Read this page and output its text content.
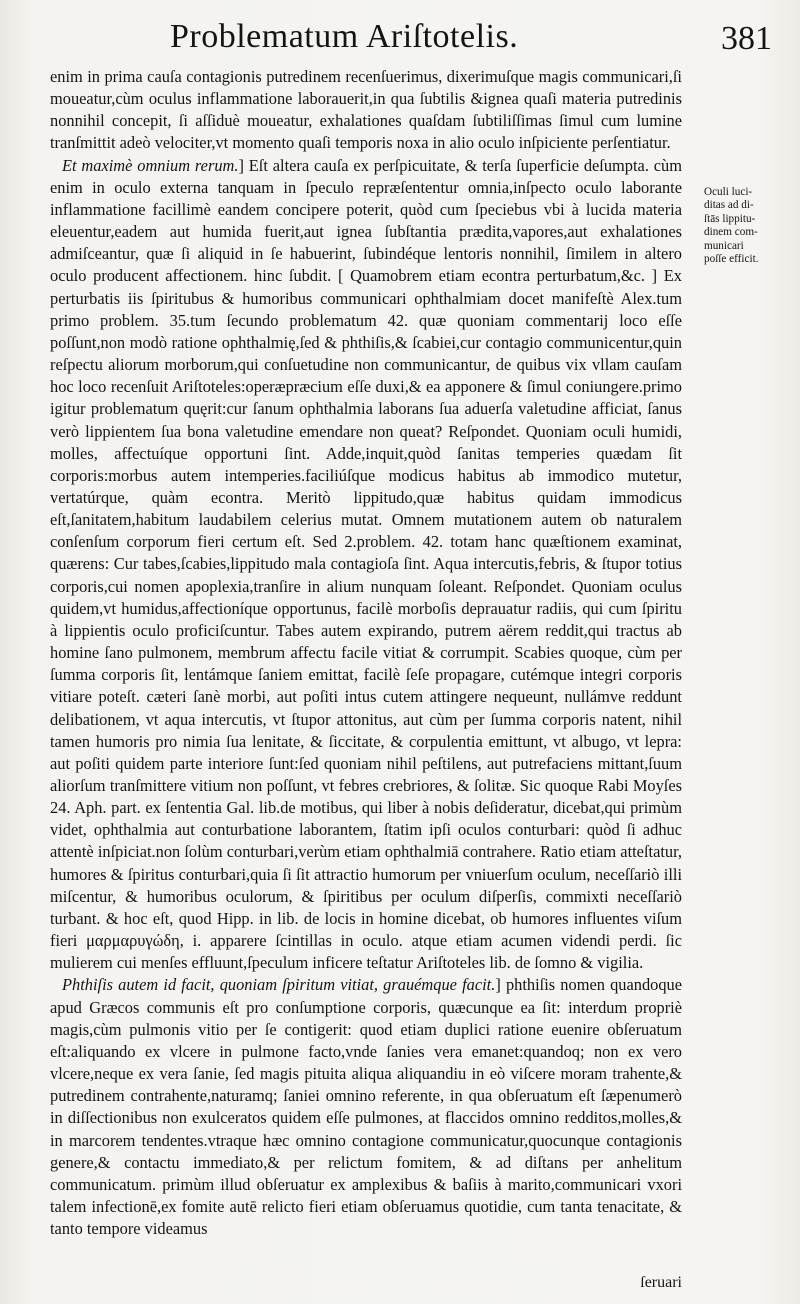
Problematum Ariſtotelis.	381

enim in prima cauſa contagionis putredinem recenſuerimus, dixerimuſque magis communicari,ſi moueatur,cùm oculus inflammatione laborauerit,in qua ſubtilis &ignea quaſi materia putredinis nonnihil concepit, ſi aſſiduè moueatur, exhalationes quaſdam ſubtiliſſimas ſimul cum lumine tranſmittit adeò velociter,vt momento quaſi temporis noxa in alio oculo inſpiciente perſentiatur.

Et maximè omnium rerum.] Eſt altera cauſa ex perſpicuitate, & terſa ſuperficie deſumpta. cùm enim in oculo externa tanquam in ſpeculo repræſententur omnia,inſpecto oculo laborante inflammatione facillimè eandem concipere poterit, quòd cum ſpeciebus vbi à lucida materia eleuentur,eadem aut humida fuerit,aut ignea ſubſtantia prædita,vapores,aut exhalationes admiſceantur, quæ ſi aliquid in ſe habuerint, ſubindéque lentoris nonnihil, ſimilem in altero oculo producent affectionem. hinc ſubdit. [ Quamobrem etiam econtra perturbatum,&c. ] Ex perturbatis iis ſpiritubus & humoribus communicari ophthalmiam docet manifeſtè Alex.tum primo problem. 35.tum ſecundo problematum 42. quæ quoniam commentarij loco eſſe poſſunt,non modò ratione ophthalmię,ſed & phthiſis,& ſcabiei,cur contagio communicentur,quin reſpectu aliorum morborum,qui conſuetudine non communicantur, de quibus vix vllam cauſam hoc loco recenſuit Ariſtoteles:operæpræcium eſſe duxi,& ea apponere & ſimul coniungere.primo igitur problematum quęrit:cur ſanum ophthalmia laborans ſua aduerſa valetudine afficiat, ſanus verò lippientem ſua bona valetudine emendare non queat? Reſpondet. Quoniam oculi humidi, molles, affectuíque opportuni ſint. Adde,inquit,quòd ſanitas temperies quædam ſit corporis:morbus autem intemperies.faciliúſque modicus habitus ab immodico mutetur, vertatúrque, quàm econtra. Meritò lippitudo,quæ habitus quidam immodicus eſt,ſanitatem,habitum laudabilem celerius mutat. Omnem mutationem autem ob naturalem conſenſum corporum fieri certum eſt. Sed 2.problem. 42. totam hanc quæſtionem examinat, quærens: Cur tabes,ſcabies,lippitudo mala contagioſa ſint. Aqua intercutis,febris, & ſtupor totius corporis,cui nomen apoplexia,tranſire in alium nunquam ſoleant. Reſpondet. Quoniam oculus quidem,vt humidus,affectioníque opportunus, facilè morboſis deprauatur radiis, qui cum ſpiritu à lippientis oculo proficiſcuntur. Tabes autem expirando, putrem aërem reddit,qui tractus ab homine ſano pulmonem, membrum affectu facile vitiat & corrumpit. Scabies quoque, cùm per ſumma corporis ſit, lentámque ſaniem emittat, facilè ſeſe propagare, cutémque integri corporis vitiare poteſt. cæteri ſanè morbi, aut poſiti intus cutem attingere nequeunt, nullámve reddunt delibationem, vt aqua intercutis, vt ſtupor attonitus, aut cùm per ſumma corporis natent, nihil tamen humoris pro nimia ſua lenitate, & ſiccitate, & corpulentia emittunt, vt albugo, vt lepra: aut poſiti quidem parte interiore ſunt:ſed quoniam nihil peſtilens, aut putrefaciens mittant,ſuum aliorſum tranſmittere vitium non poſſunt, vt febres crebriores, & ſolitæ. Sic quoque Rabi Moyſes 24. Aph. part. ex ſententia Gal. lib.de motibus, qui liber à nobis deſideratur, dicebat,qui primùm videt, ophthalmia aut conturbatione laborantem, ſtatim ipſi oculos conturbari: quòd ſi adhuc attentè inſpiciat.non ſolùm conturbari,verùm etiam ophthalmiā contrahere. Ratio etiam atteſtatur, humores & ſpiritus conturbari,quia ſi ſit attractio humorum per vniuerſum oculum, neceſſariò illi miſcentur, & humoribus oculorum, & ſpiritibus per oculum diſperſis, commixti neceſſariò turbant. & hoc eſt, quod Hipp. in lib. de locis in homine dicebat, ob humores influentes viſum fieri μαρμαρυγώδη, i. apparere ſcintillas in oculo. atque etiam acumen videndi perdi. ſic mulierem cui menſes effluunt,ſpeculum inficere teſtatur Ariſtoteles lib. de ſomno & vigilia.

Phthiſis autem id facit, quoniam ſpiritum vitiat, grauémque facit.] phthiſis nomen quandoque apud Græcos communis eſt pro conſumptione corporis, quæcunque ea ſit: interdum propriè magis,cùm pulmonis vitio per ſe contigerit: quod etiam duplici ratione euenire obſeruatum eſt:aliquando ex vlcere in pulmone facto,vnde ſanies vera emanet:quandoq; non ex vero vlcere,neque ex vera ſanie, ſed magis pituita aliqua aliquandiu in eò viſcere moram trahente,& putredinem contrahente,naturamq; ſaniei omnino referente, in qua obſeruatum eſt ſæpenumerò in diſſectionibus non exulceratos quidem eſſe pulmones, at flaccidos omnino redditos,molles,& in marcorem tendentes.vtraque hæc omnino contagione communicatur,quocunque contagionis genere,& contactu immediato,& per relictum fomitem, & ad diſtans per anhelitum communicatum. primùm illud obſeruatur ex amplexibus & baſiis à marito,communicari vxori talem infectionē,ex fomite autē relicto fieri etiam obſeruamus quotidie, cum tanta tenacitate, & tanto tempore videamus

Oculi luci-
ditas ad di-
ſtās lippitu-
dinem com-
municari
poſſe efficit.
ſeruari
